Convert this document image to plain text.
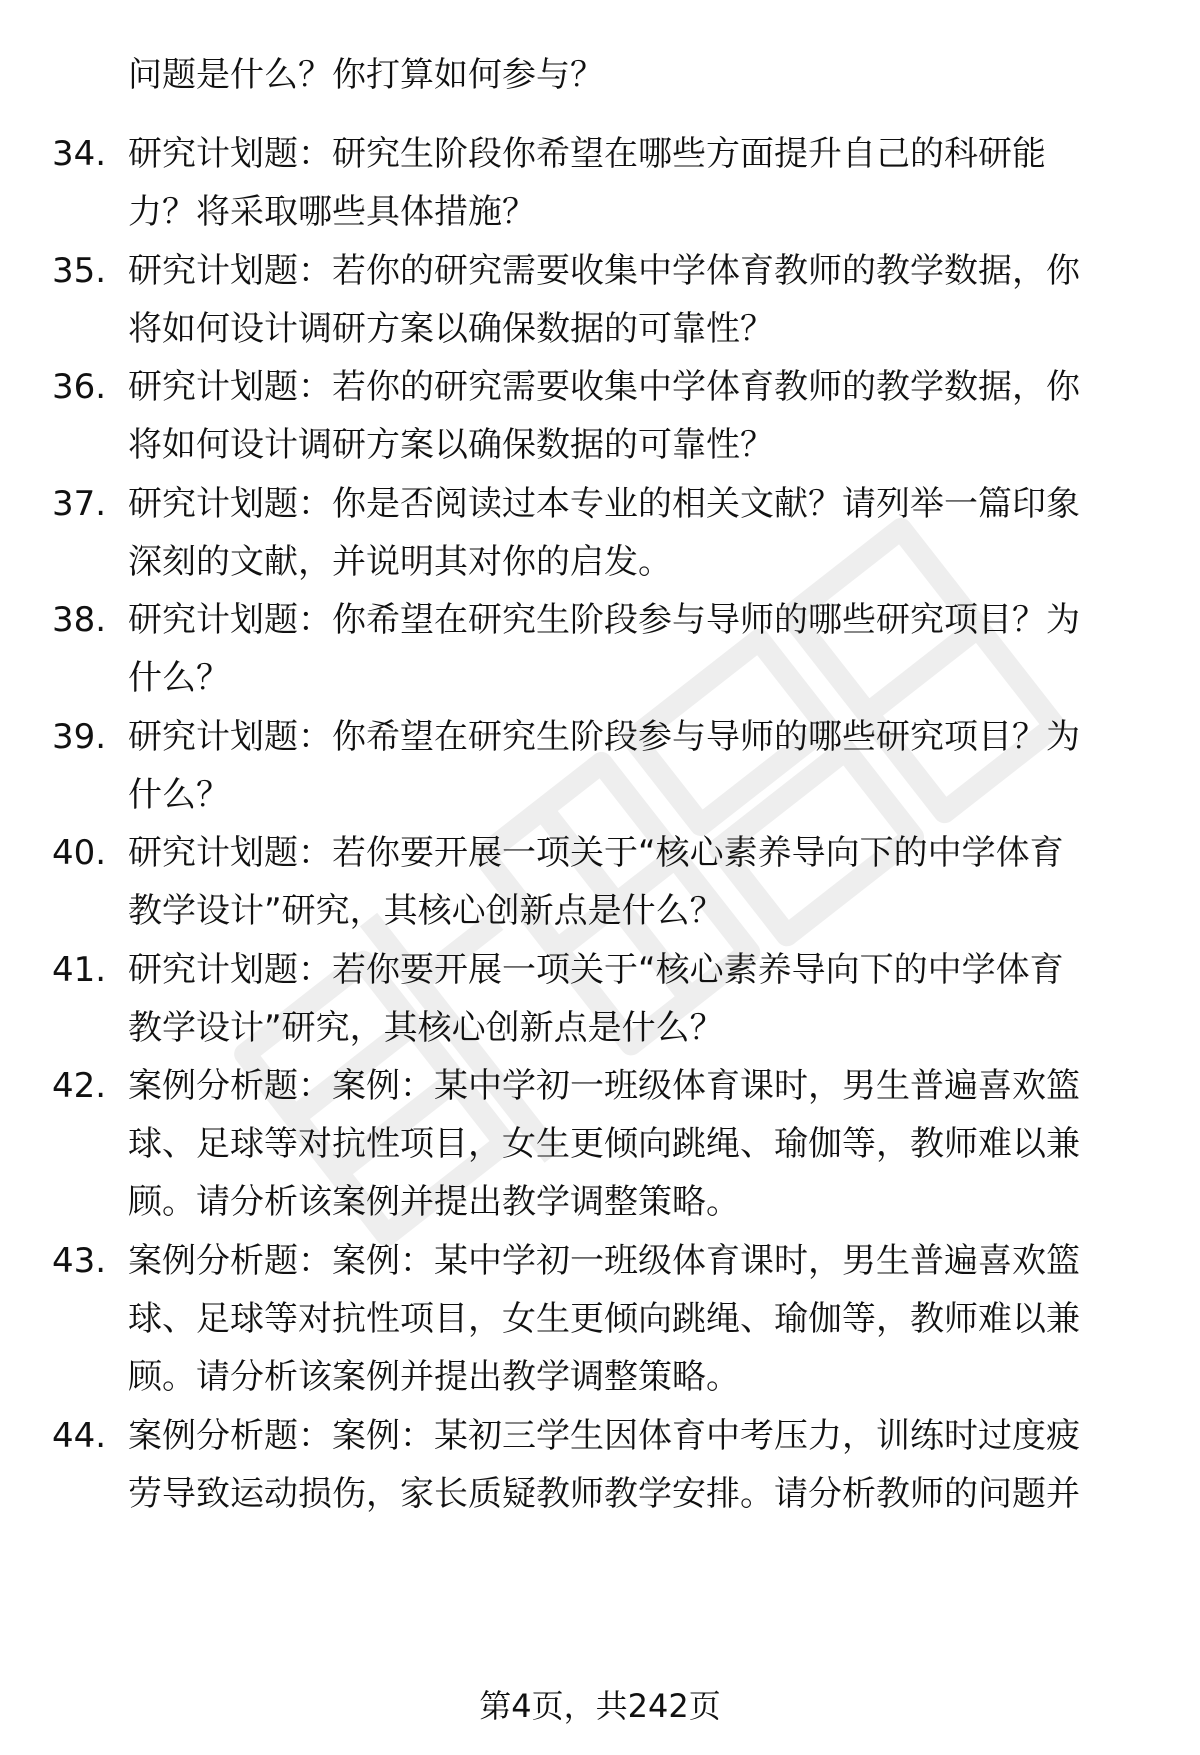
问题是什么？你打算如何参与？
34. 研究计划题：研究生阶段你希望在哪些方面提升自己的科研能
力？将采取哪些具体措施？
35. 研究计划题：若你的研究需要收集中学体育教师的教学数据，你
将如何设计调研方案以确保数据的可靠性？
36. 研究计划题：若你的研究需要收集中学体育教师的教学数据，你
将如何设计调研方案以确保数据的可靠性？
37. 研究计划题：你是否阅读过本专业的相关文献？请列举一篇印象
深刻的文献，并说明其对你的启发。
38. 研究计划题：你希望在研究生阶段参与导师的哪些研究项目？为
什么？
39. 研究计划题：你希望在研究生阶段参与导师的哪些研究项目？为
什么？
40. 研究计划题：若你要开展一项关于“核心素养导向下的中学体育
教学设计”研究，其核心创新点是什么？
41. 研究计划题：若你要开展一项关于“核心素养导向下的中学体育
教学设计”研究，其核心创新点是什么？
42. 案例分析题：案例：某中学初一班级体育课时，男生普遍喜欢篮
球、足球等对抗性项目，女生更倾向跳绳、瑜伽等，教师难以兼
顾。请分析该案例并提出教学调整策略。
43. 案例分析题：案例：某中学初一班级体育课时，男生普遍喜欢篮
球、足球等对抗性项目，女生更倾向跳绳、瑜伽等，教师难以兼
顾。请分析该案例并提出教学调整策略。
44. 案例分析题：案例：某初三学生因体育中考压力，训练时过度疲
劳导致运动损伤，家长质疑教师教学安排。请分析教师的问题并
第4页，共242页
